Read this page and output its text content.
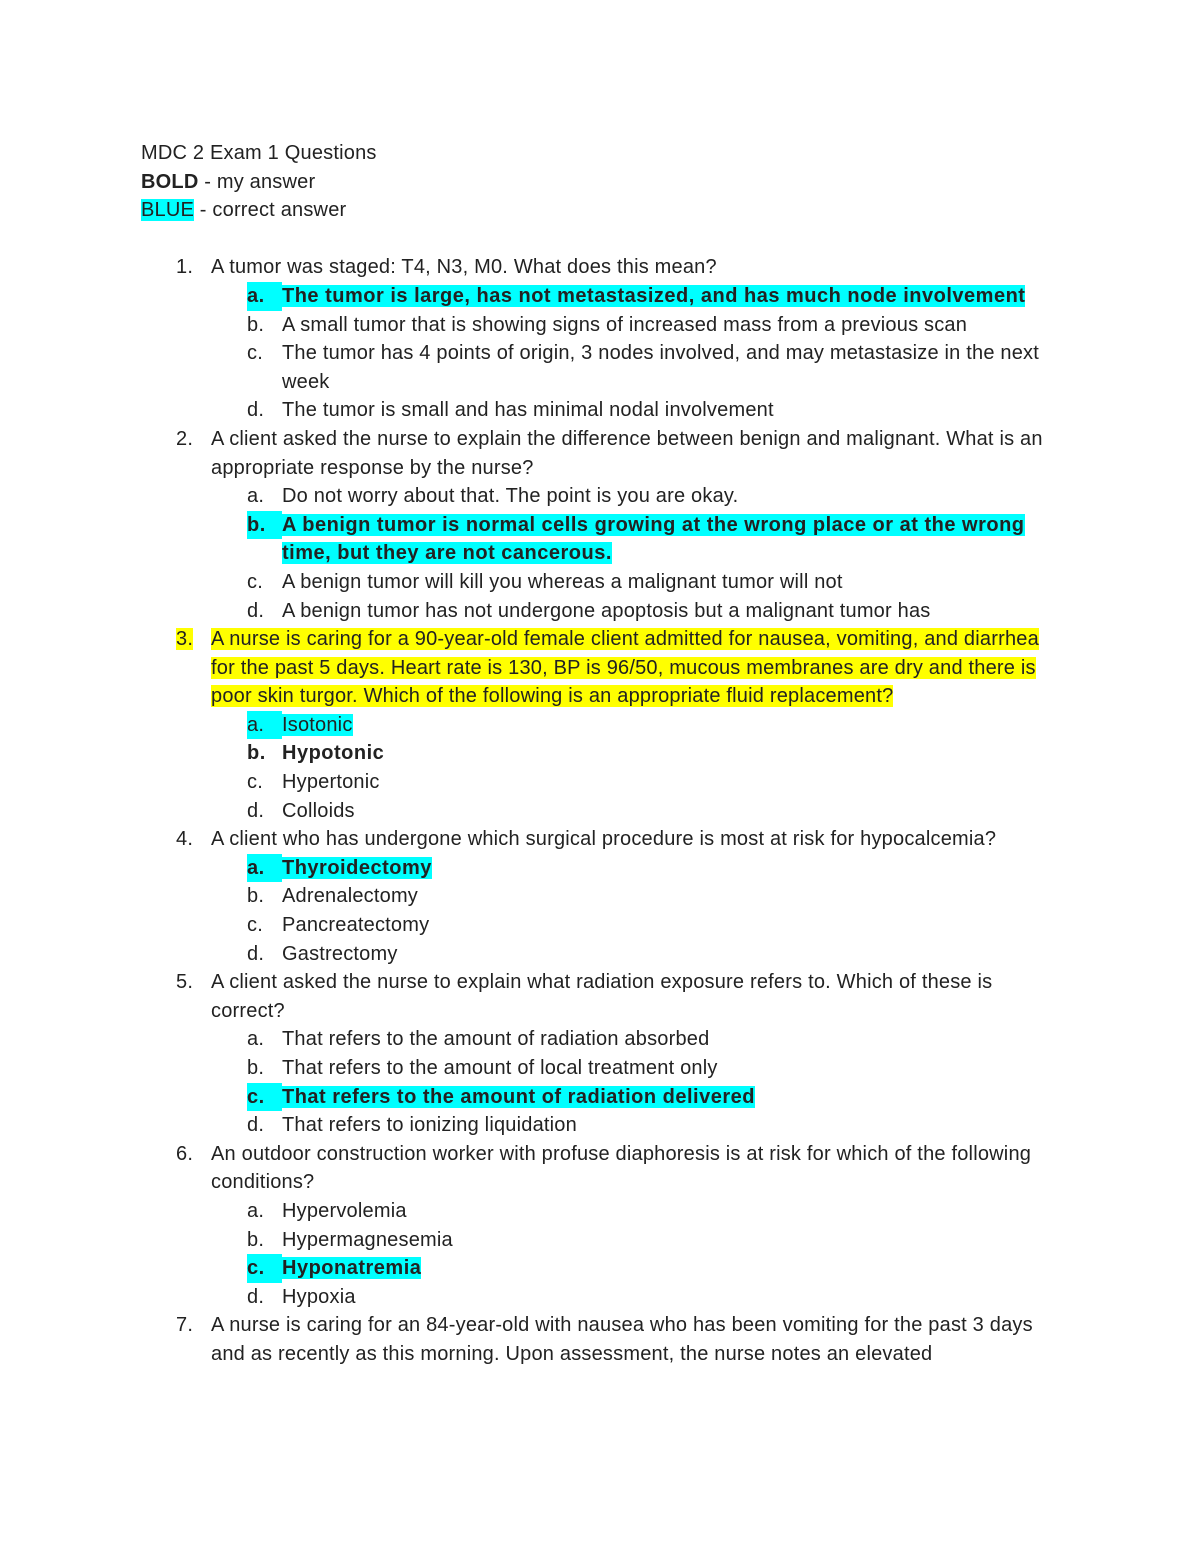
MDC 2 Exam 1 Questions
BOLD - my answer
BLUE - correct answer
1. A tumor was staged: T4, N3, M0. What does this mean?
a. The tumor is large, has not metastasized, and has much node involvement
b. A small tumor that is showing signs of increased mass from a previous scan
c. The tumor has 4 points of origin, 3 nodes involved, and may metastasize in the next week
d. The tumor is small and has minimal nodal involvement
2. A client asked the nurse to explain the difference between benign and malignant. What is an appropriate response by the nurse?
a. Do not worry about that. The point is you are okay.
b. A benign tumor is normal cells growing at the wrong place or at the wrong time, but they are not cancerous.
c. A benign tumor will kill you whereas a malignant tumor will not
d. A benign tumor has not undergone apoptosis but a malignant tumor has
3. A nurse is caring for a 90-year-old female client admitted for nausea, vomiting, and diarrhea for the past 5 days. Heart rate is 130, BP is 96/50, mucous membranes are dry and there is poor skin turgor. Which of the following is an appropriate fluid replacement?
a. Isotonic
b. Hypotonic
c. Hypertonic
d. Colloids
4. A client who has undergone which surgical procedure is most at risk for hypocalcemia?
a. Thyroidectomy
b. Adrenalectomy
c. Pancreatectomy
d. Gastrectomy
5. A client asked the nurse to explain what radiation exposure refers to. Which of these is correct?
a. That refers to the amount of radiation absorbed
b. That refers to the amount of local treatment only
c. That refers to the amount of radiation delivered
d. That refers to ionizing liquidation
6. An outdoor construction worker with profuse diaphoresis is at risk for which of the following conditions?
a. Hypervolemia
b. Hypermagnesemia
c. Hyponatremia
d. Hypoxia
7. A nurse is caring for an 84-year-old with nausea who has been vomiting for the past 3 days and as recently as this morning. Upon assessment, the nurse notes an elevated
